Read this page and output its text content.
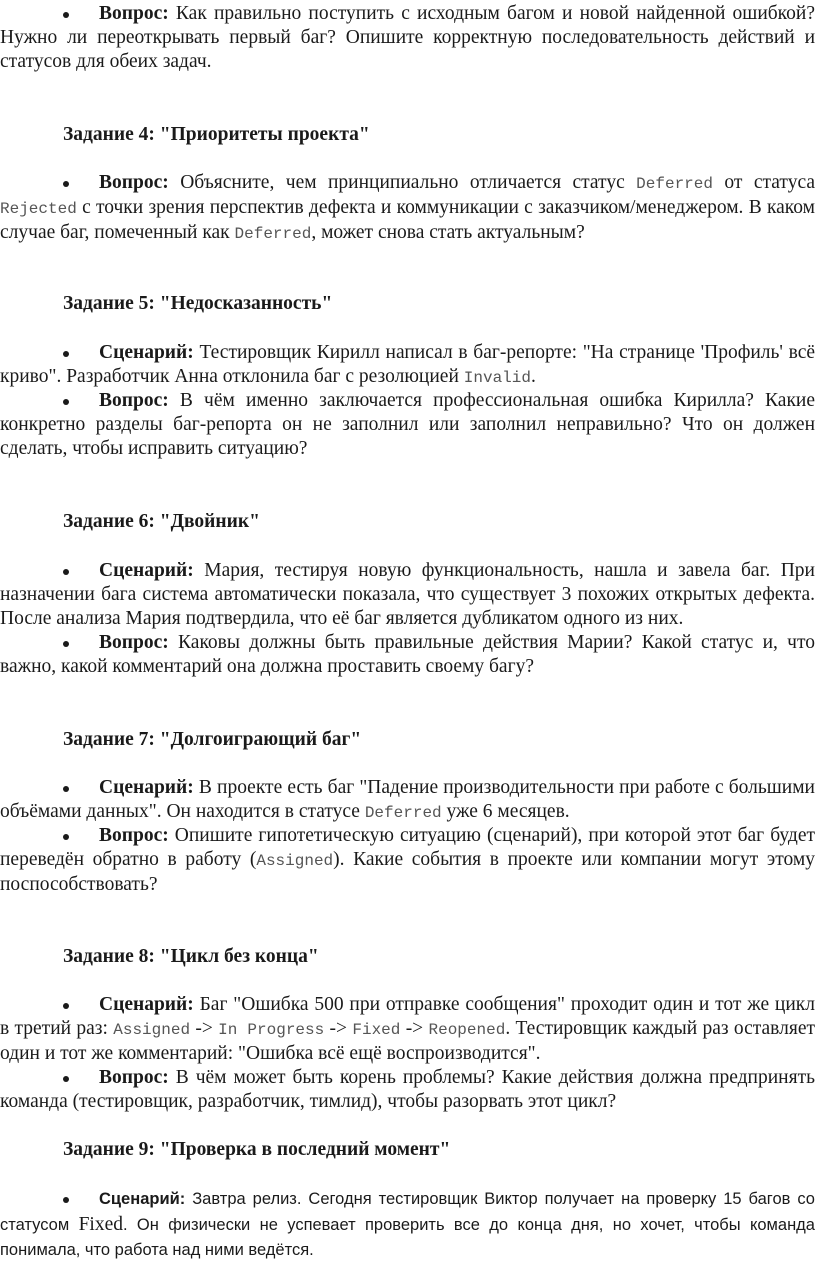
Вопрос: Как правильно поступить с исходным багом и новой найденной ошибкой? Нужно ли переоткрывать первый баг? Опишите корректную последовательность действий и статусов для обеих задач.
Задание 4: "Приоритеты проекта"
Вопрос: Объясните, чем принципиально отличается статус Deferred от статуса Rejected с точки зрения перспектив дефекта и коммуникации с заказчиком/менеджером. В каком случае баг, помеченный как Deferred, может снова стать актуальным?
Задание 5: "Недосказанность"
Сценарий: Тестировщик Кирилл написал в баг-репорте: "На странице 'Профиль' всё криво". Разработчик Анна отклонила баг с резолюцией Invalid.
Вопрос: В чём именно заключается профессиональная ошибка Кирилла? Какие конкретно разделы баг-репорта он не заполнил или заполнил неправильно? Что он должен сделать, чтобы исправить ситуацию?
Задание 6: "Двойник"
Сценарий: Мария, тестируя новую функциональность, нашла и завела баг. При назначении бага система автоматически показала, что существует 3 похожих открытых дефекта. После анализа Мария подтвердила, что её баг является дубликатом одного из них.
Вопрос: Каковы должны быть правильные действия Марии? Какой статус и, что важно, какой комментарий она должна проставить своему багу?
Задание 7: "Долгоиграющий баг"
Сценарий: В проекте есть баг "Падение производительности при работе с большими объёмами данных". Он находится в статусе Deferred уже 6 месяцев.
Вопрос: Опишите гипотетическую ситуацию (сценарий), при которой этот баг будет переведён обратно в работу (Assigned). Какие события в проекте или компании могут этому поспособствовать?
Задание 8: "Цикл без конца"
Сценарий: Баг "Ошибка 500 при отправке сообщения" проходит один и тот же цикл в третий раз: Assigned -> In Progress -> Fixed -> Reopened. Тестировщик каждый раз оставляет один и тот же комментарий: "Ошибка всё ещё воспроизводится".
Вопрос: В чём может быть корень проблемы? Какие действия должна предпринять команда (тестировщик, разработчик, тимлид), чтобы разорвать этот цикл?
Задание 9: "Проверка в последний момент"
Сценарий: Завтра релиз. Сегодня тестировщик Виктор получает на проверку 15 багов со статусом Fixed. Он физически не успевает проверить все до конца дня, но хочет, чтобы команда понимала, что работа над ними ведётся.
